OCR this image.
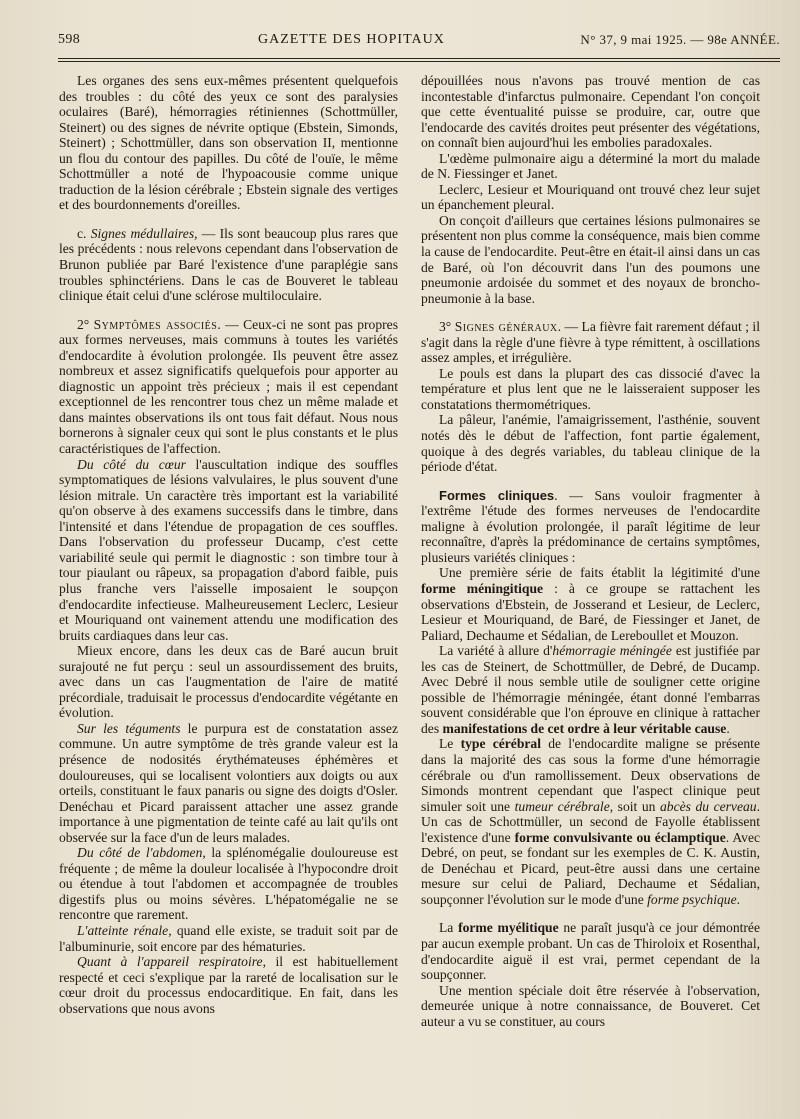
598	GAZETTE DES HOPITAUX	N° 37, 9 mai 1925. — 98e ANNÉE.

Les organes des sens eux-mêmes présentent quelquefois des troubles : du côté des yeux ce sont des paralysies oculaires (Baré), hémorragies rétiniennes (Schottmüller, Steinert) ou des signes de névrite optique (Ebstein, Simonds, Steinert) ; Schottmüller, dans son observation II, mentionne un flou du contour des papilles. Du côté de l'ouïe, le même Schottmüller a noté de l'hypoacousie comme unique traduction de la lésion cérébrale ; Ebstein signale des vertiges et des bourdonnements d'oreilles.

c. Signes médullaires, — Ils sont beaucoup plus rares que les précédents : nous relevons cependant dans l'observation de Brunon publiée par Baré l'existence d'une paraplégie sans troubles sphinctériens. Dans le cas de Bouveret le tableau clinique était celui d'une sclérose multiloculaire.

2° Symptômes associés. — Ceux-ci ne sont pas propres aux formes nerveuses, mais communs à toutes les variétés d'endocardite à évolution prolongée. Ils peuvent être assez nombreux et assez significatifs quelquefois pour apporter au diagnostic un appoint très précieux ; mais il est cependant exceptionnel de les rencontrer tous chez un même malade et dans maintes observations ils ont tous fait défaut. Nous nous bornerons à signaler ceux qui sont le plus constants et le plus caractéristiques de l'affection.

Du côté du cœur l'auscultation indique des souffles symptomatiques de lésions valvulaires, le plus souvent d'une lésion mitrale. Un caractère très important est la variabilité qu'on observe à des examens successifs dans le timbre, dans l'intensité et dans l'étendue de propagation de ces souffles. Dans l'observation du professeur Ducamp, c'est cette variabilité seule qui permit le diagnostic : son timbre tour à tour piaulant ou râpeux, sa propagation d'abord faible, puis plus franche vers l'aisselle imposaient le soupçon d'endocardite infectieuse. Malheureusement Leclerc, Lesieur et Mouriquand ont vainement attendu une modification des bruits cardiaques dans leur cas.

Mieux encore, dans les deux cas de Baré aucun bruit surajouté ne fut perçu : seul un assourdissement des bruits, avec dans un cas l'augmentation de l'aire de matité précordiale, traduisait le processus d'endocardite végétante en évolution.

Sur les téguments le purpura est de constatation assez commune. Un autre symptôme de très grande valeur est la présence de nodosités érythémateuses éphémères et douloureuses, qui se localisent volontiers aux doigts ou aux orteils, constituant le faux panaris ou signe des doigts d'Osler. Denéchau et Picard paraissent attacher une assez grande importance à une pigmentation de teinte café au lait qu'ils ont observée sur la face d'un de leurs malades.

Du côté de l'abdomen, la splénomégalie douloureuse est fréquente ; de même la douleur localisée à l'hypocondre droit ou étendue à tout l'abdomen et accompagnée de troubles digestifs plus ou moins sévères. L'hépatomégalie ne se rencontre que rarement.

L'atteinte rénale, quand elle existe, se traduit soit par de l'albuminurie, soit encore par des hématuries.

Quant à l'appareil respiratoire, il est habituellement respecté et ceci s'explique par la rareté de localisation sur le cœur droit du processus endocarditique. En fait, dans les observations que nous avons

dépouillées nous n'avons pas trouvé mention de cas incontestable d'infarctus pulmonaire. Cependant l'on conçoit que cette éventualité puisse se produire, car, outre que l'endocarde des cavités droites peut présenter des végétations, on connaît bien aujourd'hui les embolies paradoxales.

L'œdème pulmonaire aigu a déterminé la mort du malade de N. Fiessinger et Janet.

Leclerc, Lesieur et Mouriquand ont trouvé chez leur sujet un épanchement pleural.

On conçoit d'ailleurs que certaines lésions pulmonaires se présentent non plus comme la conséquence, mais bien comme la cause de l'endocardite. Peut-être en était-il ainsi dans un cas de Baré, où l'on découvrit dans l'un des poumons une pneumonie ardoisée du sommet et des noyaux de broncho-pneumonie à la base.

3° Signes généraux. — La fièvre fait rarement défaut ; il s'agit dans la règle d'une fièvre à type rémittent, à oscillations assez amples, et irrégulière.

Le pouls est dans la plupart des cas dissocié d'avec la température et plus lent que ne le laisseraient supposer les constatations thermométriques.

La pâleur, l'anémie, l'amaigrissement, l'asthénie, souvent notés dès le début de l'affection, font partie également, quoique à des degrés variables, du tableau clinique de la période d'état.

Formes cliniques. — Sans vouloir fragmenter à l'extrême l'étude des formes nerveuses de l'endocardite maligne à évolution prolongée, il paraît légitime de leur reconnaître, d'après la prédominance de certains symptômes, plusieurs variétés cliniques :

Une première série de faits établit la légitimité d'une forme méningitique : à ce groupe se rattachent les observations d'Ebstein, de Josserand et Lesieur, de Leclerc, Lesieur et Mouriquand, de Baré, de Fiessinger et Janet, de Paliard, Dechaume et Sédalian, de Lereboullet et Mouzon.

La variété à allure d'hémorragie méningée est justifiée par les cas de Steinert, de Schottmüller, de Debré, de Ducamp. Avec Debré il nous semble utile de souligner cette origine possible de l'hémorragie méningée, étant donné l'embarras souvent considérable que l'on éprouve en clinique à rattacher des manifestations de cet ordre à leur véritable cause.

Le type cérébral de l'endocardite maligne se présente dans la majorité des cas sous la forme d'une hémorragie cérébrale ou d'un ramollissement. Deux observations de Simonds montrent cependant que l'aspect clinique peut simuler soit une tumeur cérébrale, soit un abcès du cerveau. Un cas de Schottmüller, un second de Fayolle établissent l'existence d'une forme convulsivante ou éclamptique. Avec Debré, on peut, se fondant sur les exemples de C. K. Austin, de Denéchau et Picard, peut-être aussi dans une certaine mesure sur celui de Paliard, Dechaume et Sédalian, soupçonner l'évolution sur le mode d'une forme psychique.

La forme myélitique ne paraît jusqu'à ce jour démontrée par aucun exemple probant. Un cas de Thiroloix et Rosenthal, d'endocardite aiguë il est vrai, permet cependant de la soupçonner.

Une mention spéciale doit être réservée à l'observation, demeurée unique à notre connaissance, de Bouveret. Cet auteur a vu se constituer, au cours
